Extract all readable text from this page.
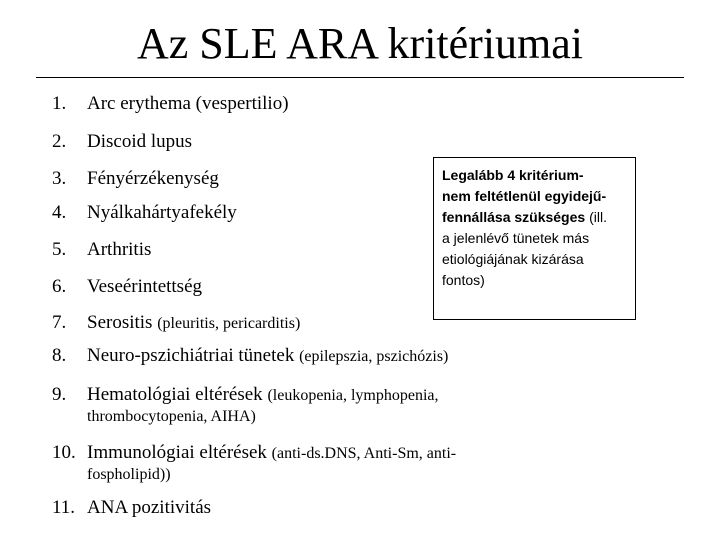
Az SLE ARA kritériumai
1. Arc erythema (vespertilio)
2. Discoid lupus
3. Fényérzékenység
4. Nyálkahártyafekély
5. Arthritis
6. Veseérintettség
7. Serositis (pleuritis, pericarditis)
8. Neuro-pszichiátriai tünetek (epilepszia, pszichózis)
9. Hematológiai eltérések (leukopenia, lymphopenia,
thrombocytopenia, AIHA)
10. Immunológiai eltérések (anti-ds.DNS, Anti-Sm, anti-
fospholipid))
11. ANA pozitivitás
Legalább 4 kritérium-
nem feltétlenül egyidejű-
fennállása szükséges (ill.
a jelenlévő tünetek más
etiológiájának kizárása
fontos)
